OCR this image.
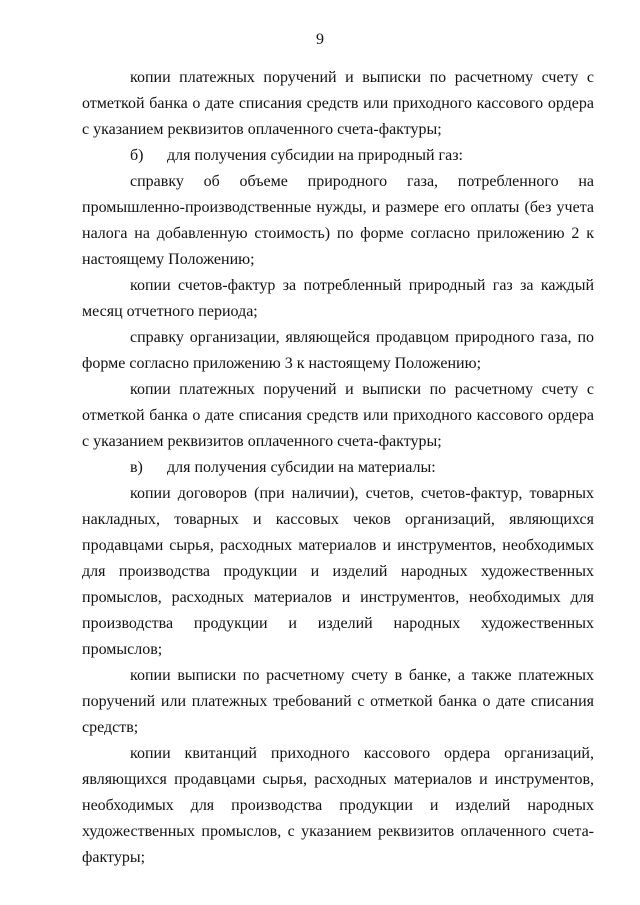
9

копии платежных поручений и выписки по расчетному счету с отметкой банка о дате списания средств или приходного кассового ордера с указанием реквизитов оплаченного счета-фактуры;

б) для получения субсидии на природный газ:

справку об объеме природного газа, потребленного на промышленно-производственные нужды, и размере его оплаты (без учета налога на добавленную стоимость) по форме согласно приложению 2 к настоящему Положению;

копии счетов-фактур за потребленный природный газ за каждый месяц отчетного периода;

справку организации, являющейся продавцом природного газа, по форме согласно приложению 3 к настоящему Положению;

копии платежных поручений и выписки по расчетному счету с отметкой банка о дате списания средств или приходного кассового ордера с указанием реквизитов оплаченного счета-фактуры;

в) для получения субсидии на материалы:

копии договоров (при наличии), счетов, счетов-фактур, товарных накладных, товарных и кассовых чеков организаций, являющихся продавцами сырья, расходных материалов и инструментов, необходимых для производства продукции и изделий народных художественных промыслов, расходных материалов и инструментов, необходимых для производства продукции и изделий народных художественных промыслов;

копии выписки по расчетному счету в банке, а также платежных поручений или платежных требований с отметкой банка о дате списания средств;

копии квитанций приходного кассового ордера организаций, являющихся продавцами сырья, расходных материалов и инструментов, необходимых для производства продукции и изделий народных художественных промыслов, с указанием реквизитов оплаченного счета-фактуры;
